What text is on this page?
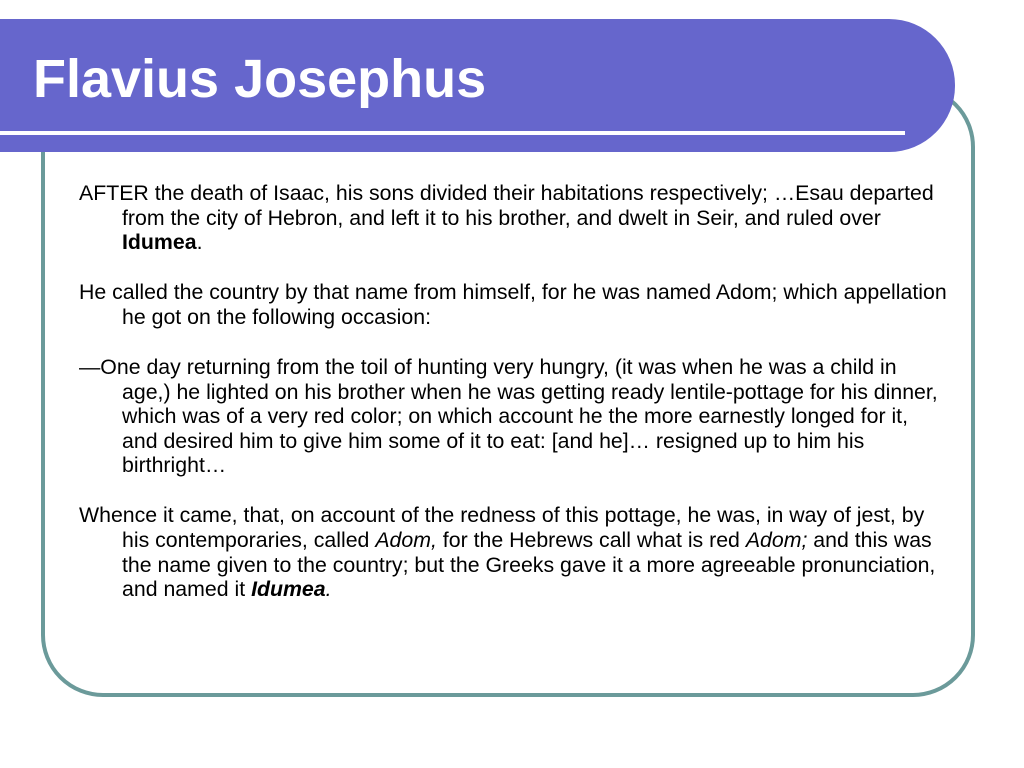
Flavius Josephus

AFTER the death of Isaac, his sons divided their habitations respectively; …Esau departed from the city of Hebron, and left it to his brother, and dwelt in Seir, and ruled over Idumea.

He called the country by that name from himself, for he was named Adom; which appellation he got on the following occasion:

—One day returning from the toil of hunting very hungry, (it was when he was a child in age,) he lighted on his brother when he was getting ready lentile-pottage for his dinner, which was of a very red color; on which account he the more earnestly longed for it, and desired him to give him some of it to eat: [and he]… resigned up to him his birthright…

Whence it came, that, on account of the redness of this pottage, he was, in way of jest, by his contemporaries, called Adom, for the Hebrews call what is red Adom; and this was the name given to the country; but the Greeks gave it a more agreeable pronunciation, and named it Idumea.
